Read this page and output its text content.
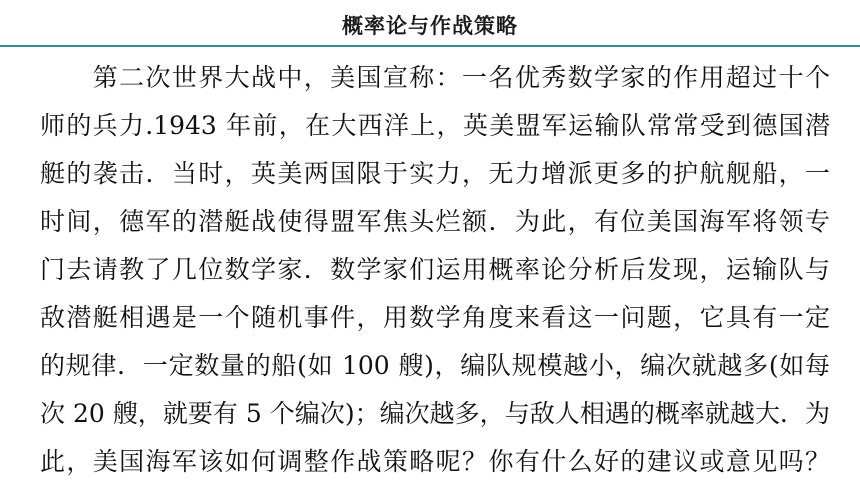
概率论与作战策略
　　第二次世界大战中，美国宣称：一名优秀数学家的作用超过十个
师的兵力.1943 年前，在大西洋上，英美盟军运输队常常受到德国潜
艇的袭击．当时，英美两国限于实力，无力增派更多的护航舰船，一
时间，德军的潜艇战使得盟军焦头烂额．为此，有位美国海军将领专
门去请教了几位数学家．数学家们运用概率论分析后发现，运输队与
敌潜艇相遇是一个随机事件，用数学角度来看这一问题，它具有一定
的规律．一定数量的船(如 100 艘)，编队规模越小，编次就越多(如每
次 20 艘，就要有 5 个编次)；编次越多，与敌人相遇的概率就越大．为
此，美国海军该如何调整作战策略呢？你有什么好的建议或意见吗？
